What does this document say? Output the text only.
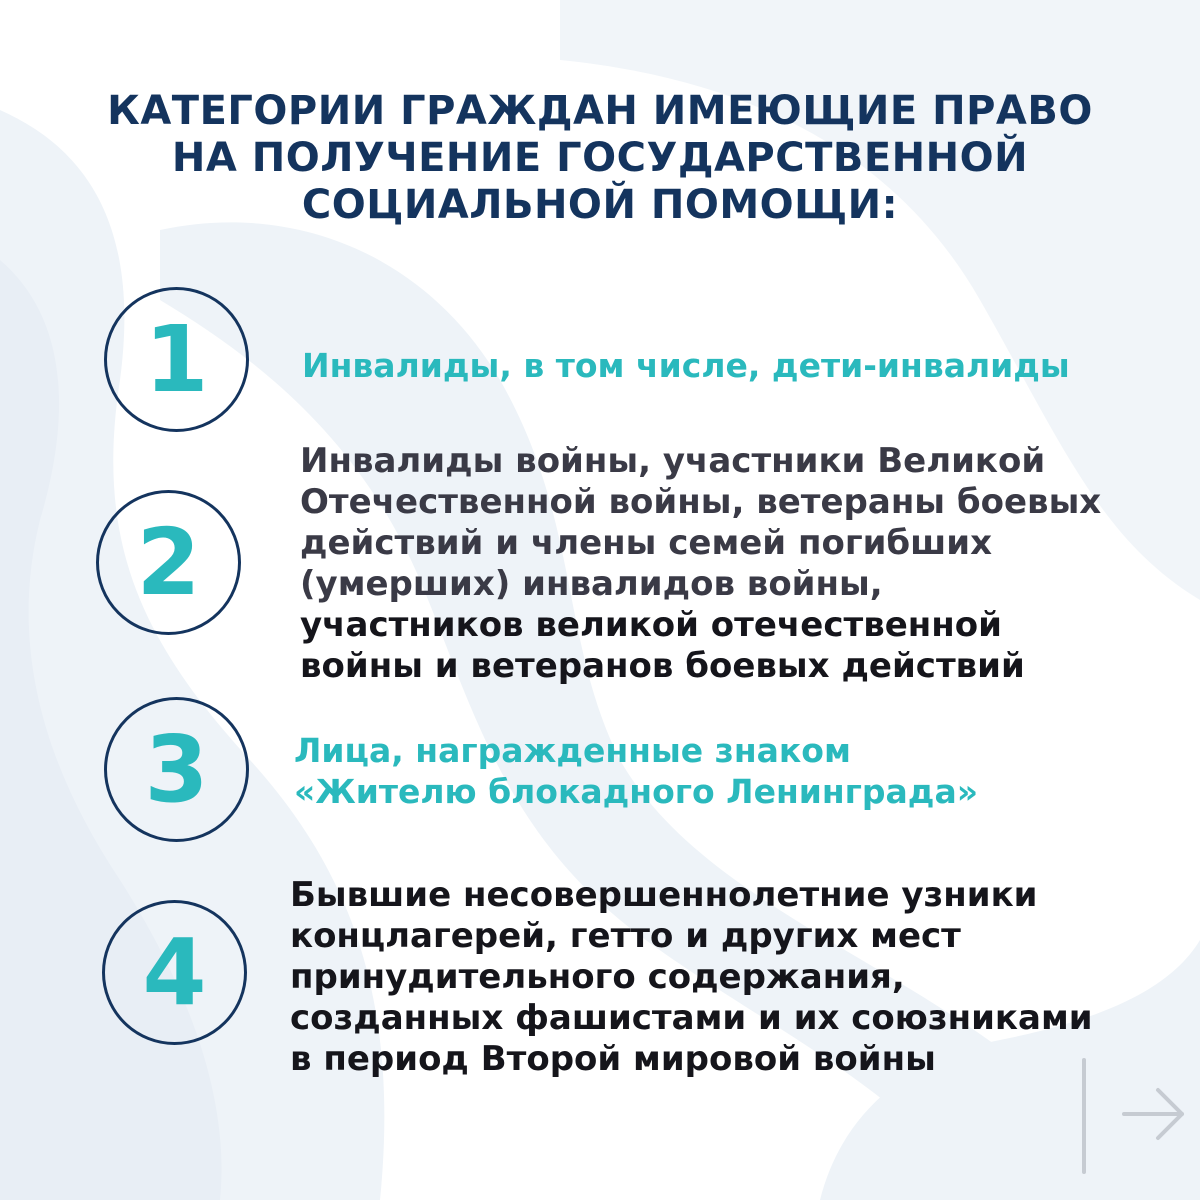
КАТЕГОРИИ ГРАЖДАН ИМЕЮЩИЕ ПРАВО
НА ПОЛУЧЕНИЕ ГОСУДАРСТВЕННОЙ
СОЦИАЛЬНОЙ ПОМОЩИ:
1	Инвалиды, в том числе, дети-инвалиды

2

Инвалиды войны, участники Великой
Отечественной войны, ветераны боевых
действий и члены семей погибших
(умерших) инвалидов войны,
участников великой отечественной
войны и ветеранов боевых действий

3	Лица, награжденные знаком
«Жителю блокадного Ленинграда»

4

Бывшие несовершеннолетние узники
концлагерей, гетто и других мест
принудительного содержания,
созданных фашистами и их союзниками
в период Второй мировой войны
